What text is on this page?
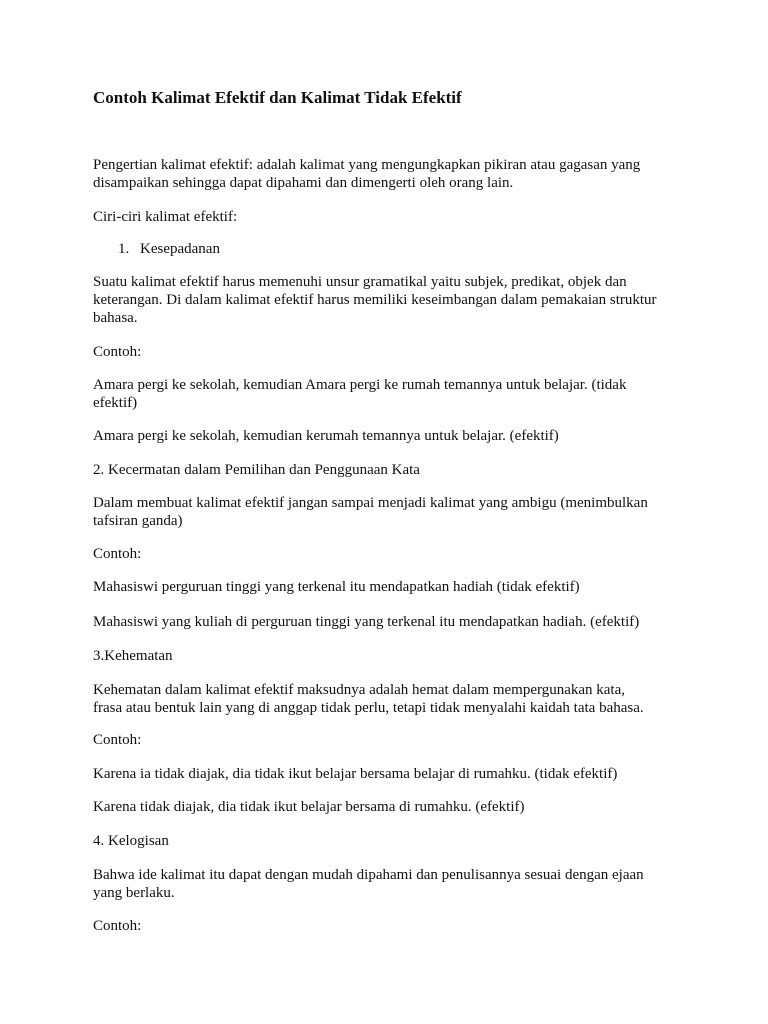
Contoh Kalimat Efektif dan Kalimat Tidak Efektif

Pengertian kalimat efektif: adalah kalimat yang mengungkapkan pikiran atau gagasan yang
disampaikan sehingga dapat dipahami dan dimengerti oleh orang lain.

Ciri-ciri kalimat efektif:

1. Kesepadanan

Suatu kalimat efektif harus memenuhi unsur gramatikal yaitu subjek, predikat, objek dan
keterangan. Di dalam kalimat efektif harus memiliki keseimbangan dalam pemakaian struktur
bahasa.

Contoh:

Amara pergi ke sekolah, kemudian Amara pergi ke rumah temannya untuk belajar. (tidak
efektif)

Amara pergi ke sekolah, kemudian kerumah temannya untuk belajar. (efektif)

2. Kecermatan dalam Pemilihan dan Penggunaan Kata

Dalam membuat kalimat efektif jangan sampai menjadi kalimat yang ambigu (menimbulkan
tafsiran ganda)

Contoh:

Mahasiswi perguruan tinggi yang terkenal itu mendapatkan hadiah (tidak efektif)

Mahasiswi yang kuliah di perguruan tinggi yang terkenal itu mendapatkan hadiah. (efektif)

3.Kehematan

Kehematan dalam kalimat efektif maksudnya adalah hemat dalam mempergunakan kata,
frasa atau bentuk lain yang di anggap tidak perlu, tetapi tidak menyalahi kaidah tata bahasa.

Contoh:

Karena ia tidak diajak, dia tidak ikut belajar bersama belajar di rumahku. (tidak efektif)

Karena tidak diajak, dia tidak ikut belajar bersama di rumahku. (efektif)

4. Kelogisan

Bahwa ide kalimat itu dapat dengan mudah dipahami dan penulisannya sesuai dengan ejaan
yang berlaku.

Contoh:
